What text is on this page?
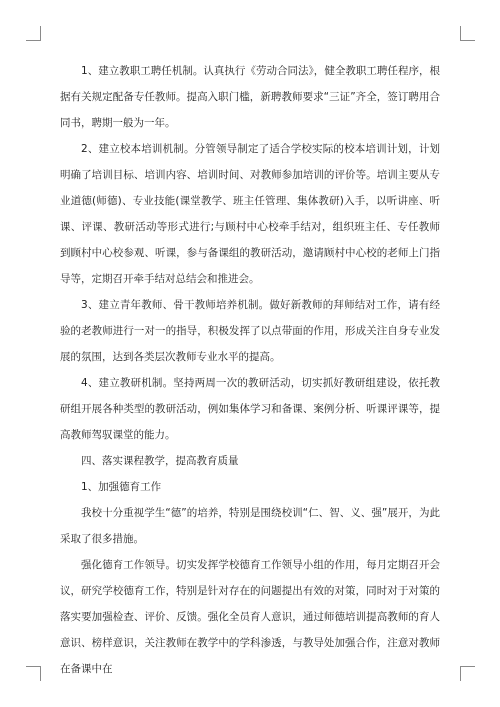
1、建立教职工聘任机制。认真执行《劳动合同法》，健全教职工聘任程序，根据有关规定配备专任教师。提高入职门槛，新聘教师要求“三证”齐全，签订聘用合同书，聘期一般为一年。

2、建立校本培训机制。分管领导制定了适合学校实际的校本培训计划，计划明确了培训目标、培训内容、培训时间、对教师参加培训的评价等。培训主要从专业道德(师德)、专业技能(课堂教学、班主任管理、集体教研)入手，以听讲座、听课、评课、教研活动等形式进行;与顾村中心校牵手结对，组织班主任、专任教师到顾村中心校参观、听课，参与备课组的教研活动，邀请顾村中心校的老师上门指导等，定期召开牵手结对总结会和推进会。

3、建立青年教师、骨干教师培养机制。做好新教师的拜师结对工作，请有经验的老教师进行一对一的指导，积极发挥了以点带面的作用，形成关注自身专业发展的氛围，达到各类层次教师专业水平的提高。

4、建立教研机制。坚持两周一次的教研活动，切实抓好教研组建设，依托教研组开展各种类型的教研活动，例如集体学习和备课、案例分析、听课评课等，提高教师驾驭课堂的能力。

四、落实课程教学，提高教育质量

1、加强德育工作

我校十分重视学生“德”的培养，特别是围绕校训“仁、智、义、强”展开，为此采取了很多措施。

强化德育工作领导。切实发挥学校德育工作领导小组的作用，每月定期召开会议，研究学校德育工作，特别是针对存在的问题提出有效的对策，同时对于对策的落实要加强检查、评价、反馈。强化全员育人意识，通过师德培训提高教师的育人意识、榜样意识，关注教师在教学中的学科渗透，与教导处加强合作，注意对教师在备课中在
